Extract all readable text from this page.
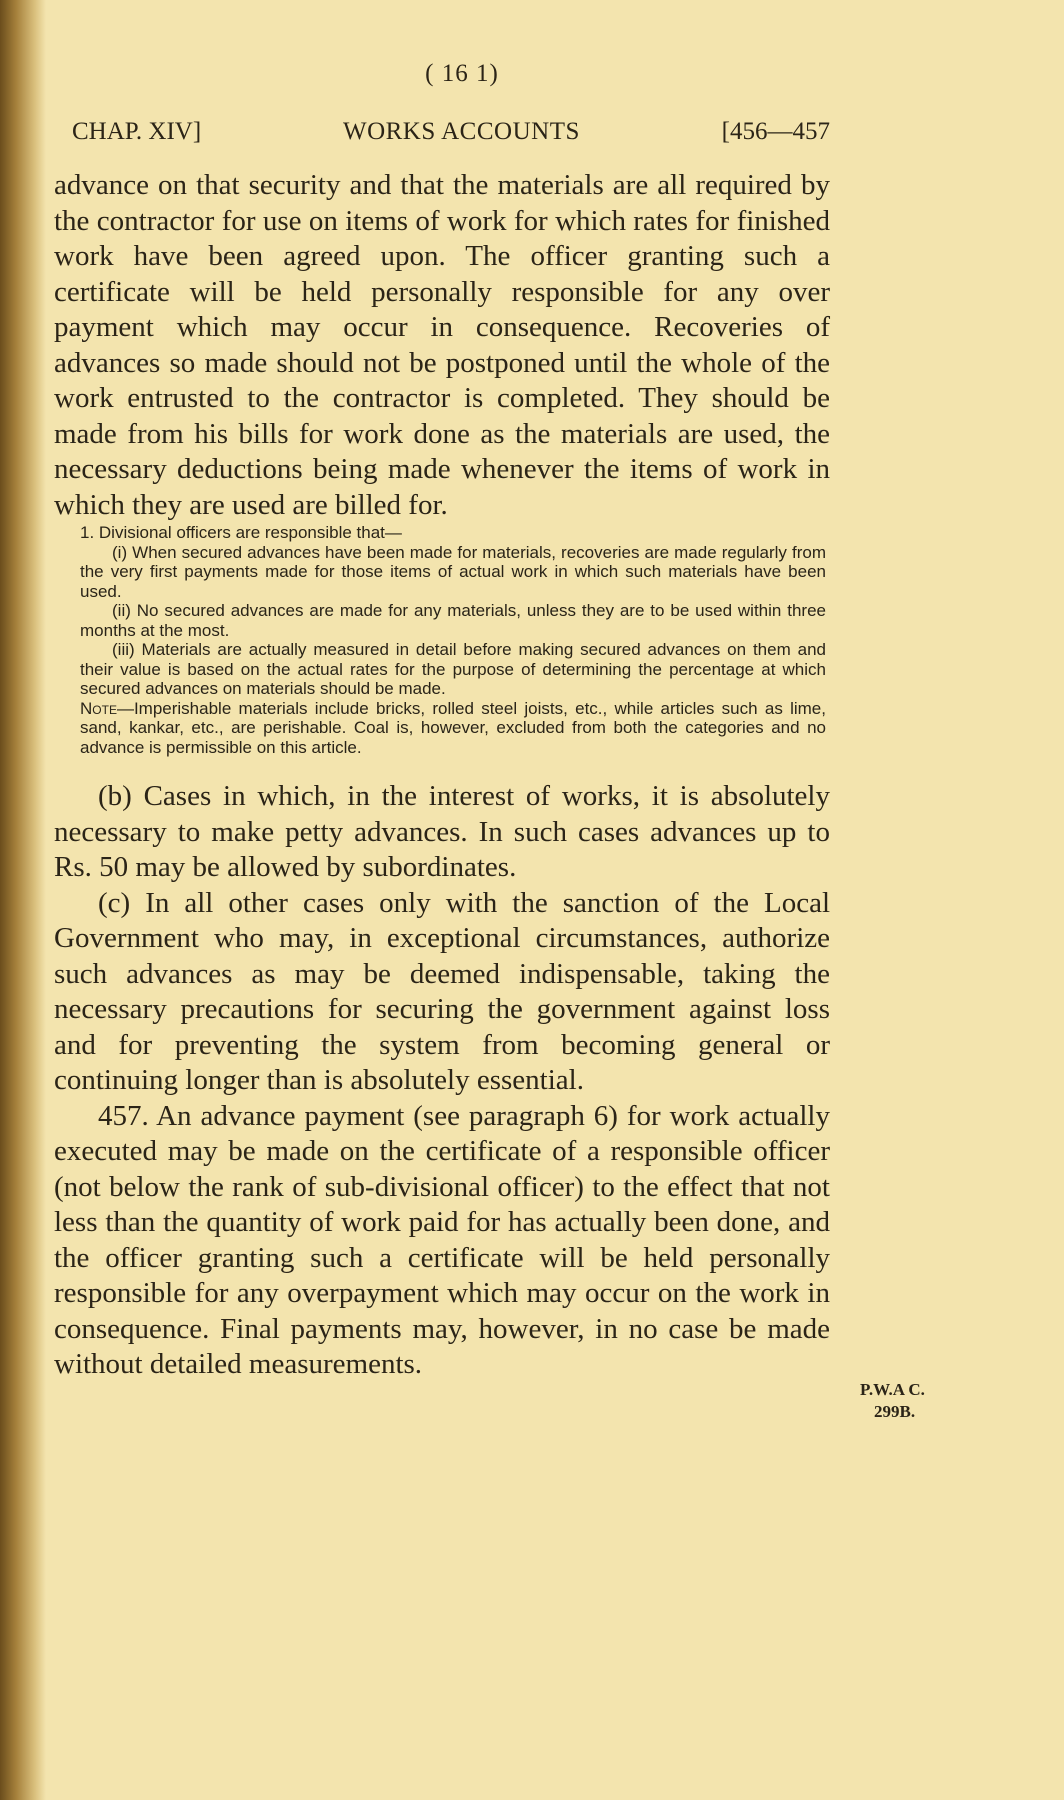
( 16 1)
CHAP. XIV]	WORKS ACCOUNTS	[456—457

advance on that security and that the materials are all required by the contractor for use on items of work for which rates for finished work have been agreed upon. The officer granting such a certificate will be held personally responsible for any over payment which may occur in consequence. Recoveries of advances so made should not be postponed until the whole of the work entrusted to the contractor is completed. They should be made from his bills for work done as the materials are used, the necessary deductions being made whenever the items of work in which they are used are billed for.

1. Divisional officers are responsible that—

(i) When secured advances have been made for materials, recoveries are made regularly from the very first payments made for those items of actual work in which such materials have been used.

(ii) No secured advances are made for any materials, unless they are to be used within three months at the most.

(iii) Materials are actually measured in detail before making secured advances on them and their value is based on the actual rates for the purpose of determining the percentage at which secured advances on materials should be made.

Note—Imperishable materials include bricks, rolled steel joists, etc., while articles such as lime, sand, kankar, etc., are perishable. Coal is, however, excluded from both the categories and no advance is permissible on this article.

(b) Cases in which, in the interest of works, it is absolutely necessary to make petty advances. In such cases advances up to Rs. 50 may be allowed by subordinates.

(c) In all other cases only with the sanction of the Local Government who may, in exceptional circumstances, authorize such advances as may be deemed indispensable, taking the necessary precautions for securing the government against loss and for preventing the system from becoming general or continuing longer than is absolutely essential.

457. An advance payment (see paragraph 6) for work actually executed may be made on the certificate of a responsible officer (not below the rank of sub-divisional officer) to the effect that not less than the quantity of work paid for has actually been done, and the officer granting such a certificate will be held personally responsible for any overpayment which may occur on the work in consequence. Final payments may, however, in no case be made without detailed measurements.

P.W.A C.
299B.
